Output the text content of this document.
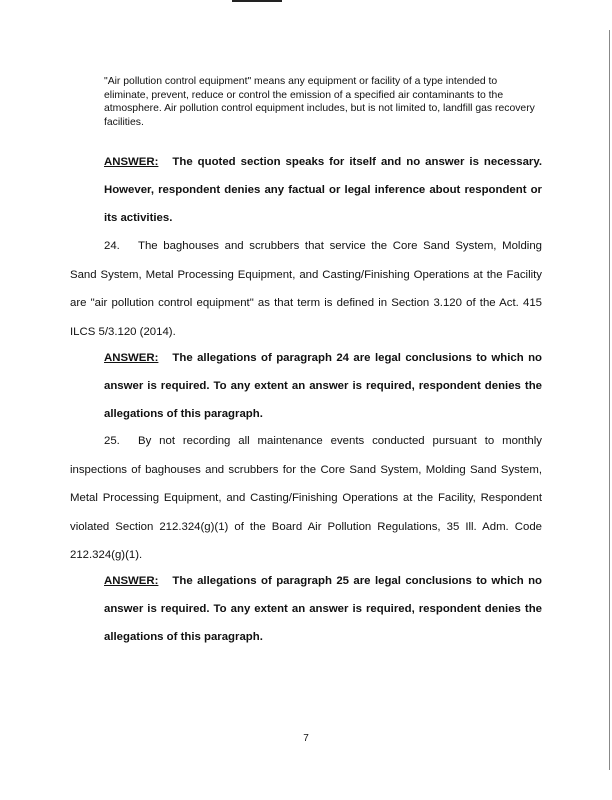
"Air pollution control equipment" means any equipment or facility of a type intended to eliminate, prevent, reduce or control the emission of a specified air contaminants to the atmosphere. Air pollution control equipment includes, but is not limited to, landfill gas recovery facilities.
ANSWER: The quoted section speaks for itself and no answer is necessary. However, respondent denies any factual or legal inference about respondent or its activities.
24. The baghouses and scrubbers that service the Core Sand System, Molding Sand System, Metal Processing Equipment, and Casting/Finishing Operations at the Facility are "air pollution control equipment" as that term is defined in Section 3.120 of the Act. 415 ILCS 5/3.120 (2014).
ANSWER: The allegations of paragraph 24 are legal conclusions to which no answer is required. To any extent an answer is required, respondent denies the allegations of this paragraph.
25. By not recording all maintenance events conducted pursuant to monthly inspections of baghouses and scrubbers for the Core Sand System, Molding Sand System, Metal Processing Equipment, and Casting/Finishing Operations at the Facility, Respondent violated Section 212.324(g)(1) of the Board Air Pollution Regulations, 35 Ill. Adm. Code 212.324(g)(1).
ANSWER: The allegations of paragraph 25 are legal conclusions to which no answer is required. To any extent an answer is required, respondent denies the allegations of this paragraph.
7
